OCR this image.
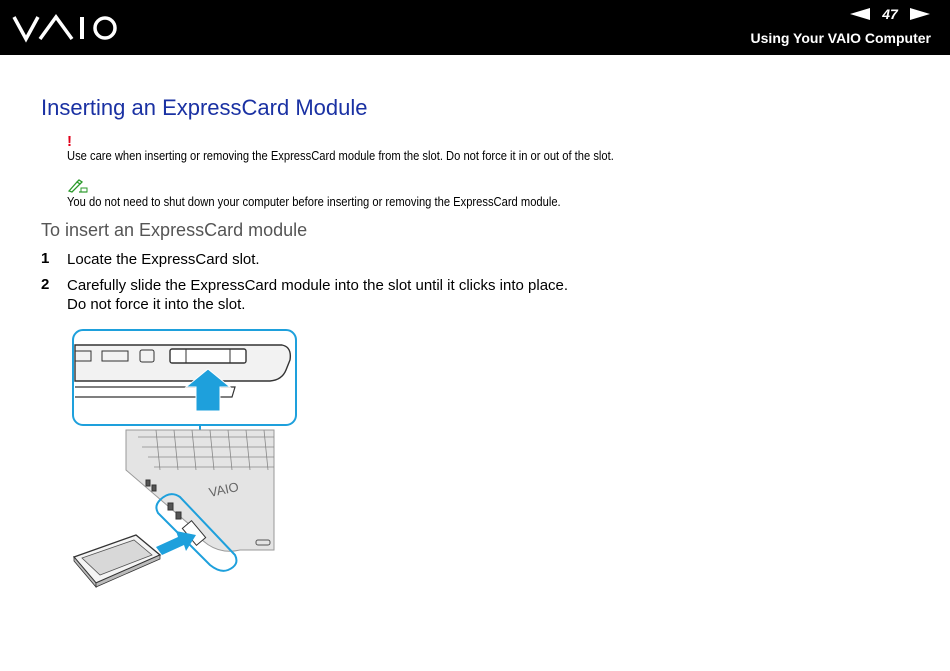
47
Using Your VAIO Computer
Inserting an ExpressCard Module
!
Use care when inserting or removing the ExpressCard module from the slot. Do not force it in or out of the slot.
You do not need to shut down your computer before inserting or removing the ExpressCard module.
To insert an ExpressCard module
1 Locate the ExpressCard slot.
2 Carefully slide the ExpressCard module into the slot until it clicks into place.
Do not force it into the slot.
VAIO
